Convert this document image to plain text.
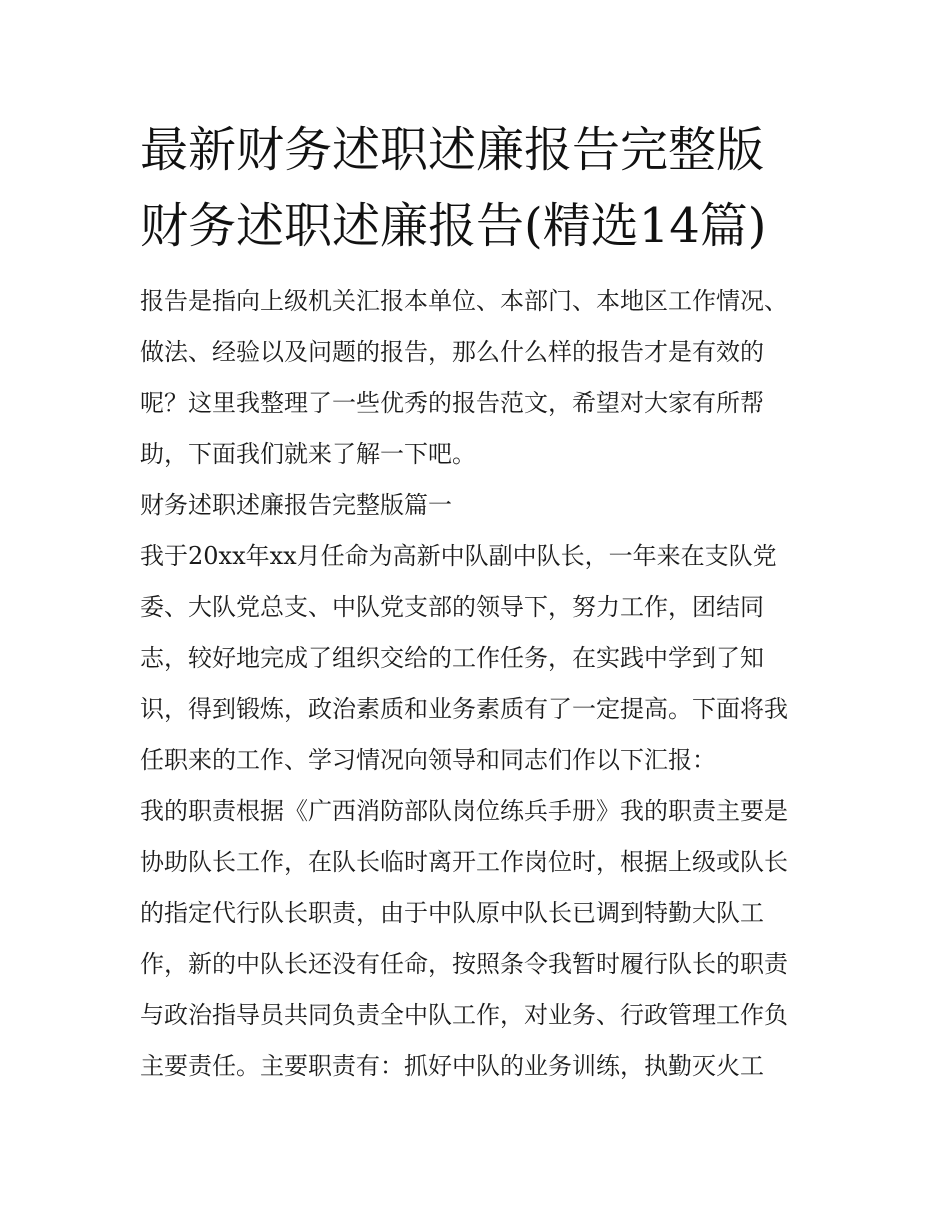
最新财务述职述廉报告完整版
财务述职述廉报告(精选14篇)
报告是指向上级机关汇报本单位、本部门、本地区工作情况、
做法、经验以及问题的报告，那么什么样的报告才是有效的
呢？这里我整理了一些优秀的报告范文，希望对大家有所帮
助，下面我们就来了解一下吧。
财务述职述廉报告完整版篇一
我于20xx年xx月任命为高新中队副中队长，一年来在支队党
委、大队党总支、中队党支部的领导下，努力工作，团结同
志，较好地完成了组织交给的工作任务，在实践中学到了知
识，得到锻炼，政治素质和业务素质有了一定提高。下面将我
任职来的工作、学习情况向领导和同志们作以下汇报：
我的职责根据《广西消防部队岗位练兵手册》我的职责主要是
协助队长工作，在队长临时离开工作岗位时，根据上级或队长
的指定代行队长职责，由于中队原中队长已调到特勤大队工
作，新的中队长还没有任命，按照条令我暂时履行队长的职责
与政治指导员共同负责全中队工作，对业务、行政管理工作负
主要责任。主要职责有：抓好中队的业务训练，执勤灭火工
